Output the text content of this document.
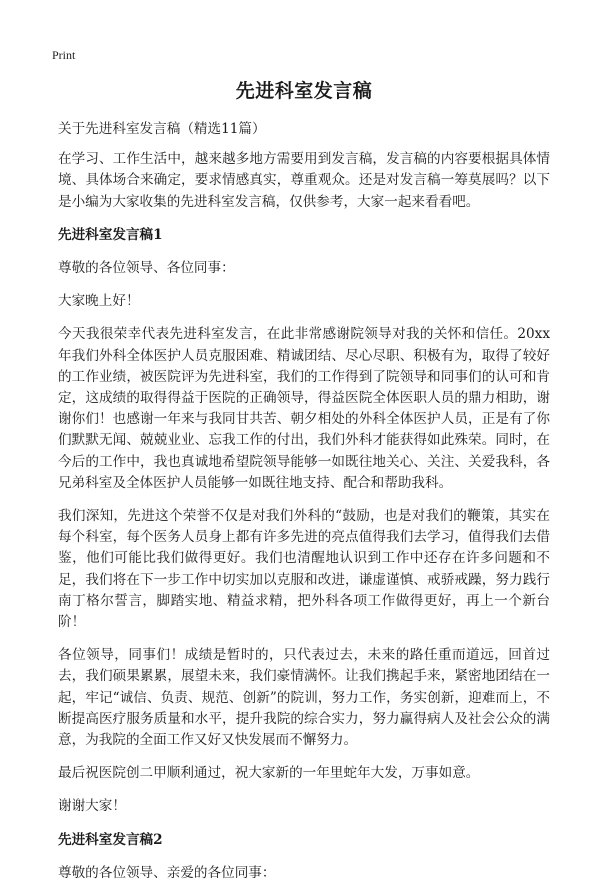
Print
先进科室发言稿

关于先进科室发言稿（精选11篇）

在学习、工作生活中，越来越多地方需要用到发言稿，发言稿的内容要根据具体情境、具体场合来确定，要求情感真实，尊重观众。还是对发言稿一筹莫展吗？以下是小编为大家收集的先进科室发言稿，仅供参考，大家一起来看看吧。

先进科室发言稿1

尊敬的各位领导、各位同事：

大家晚上好！

今天我很荣幸代表先进科室发言，在此非常感谢院领导对我的关怀和信任。20xx年我们外科全体医护人员克服困难、精诚团结、尽心尽职、积极有为，取得了较好的工作业绩，被医院评为先进科室，我们的工作得到了院领导和同事们的认可和肯定，这成绩的取得得益于医院的正确领导，得益医院全体医职人员的鼎力相助，谢谢你们！也感谢一年来与我同甘共苦、朝夕相处的外科全体医护人员，正是有了你们默默无闻、兢兢业业、忘我工作的付出，我们外科才能获得如此殊荣。同时，在今后的工作中，我也真诚地希望院领导能够一如既往地关心、关注、关爱我科，各兄弟科室及全体医护人员能够一如既往地支持、配合和帮助我科。

我们深知，先进这个荣誉不仅是对我们外科的“鼓励，也是对我们的鞭策，其实在每个科室，每个医务人员身上都有许多先进的亮点值得我们去学习，值得我们去借鉴，他们可能比我们做得更好。我们也清醒地认识到工作中还存在许多问题和不足，我们将在下一步工作中切实加以克服和改进，谦虚谨慎、戒骄戒躁，努力践行南丁格尔誓言，脚踏实地、精益求精，把外科各项工作做得更好，再上一个新台阶！

各位领导，同事们！成绩是暂时的，只代表过去，未来的路任重而道远，回首过去，我们硕果累累，展望未来，我们豪情满怀。让我们携起手来，紧密地团结在一起，牢记“诚信、负责、规范、创新”的院训，努力工作，务实创新，迎难而上，不断提高医疗服务质量和水平，提升我院的综合实力，努力赢得病人及社会公众的满意，为我院的全面工作又好又快发展而不懈努力。

最后祝医院创二甲顺利通过，祝大家新的一年里蛇年大发，万事如意。

谢谢大家！

先进科室发言稿2

尊敬的各位领导、亲爱的各位同事：
